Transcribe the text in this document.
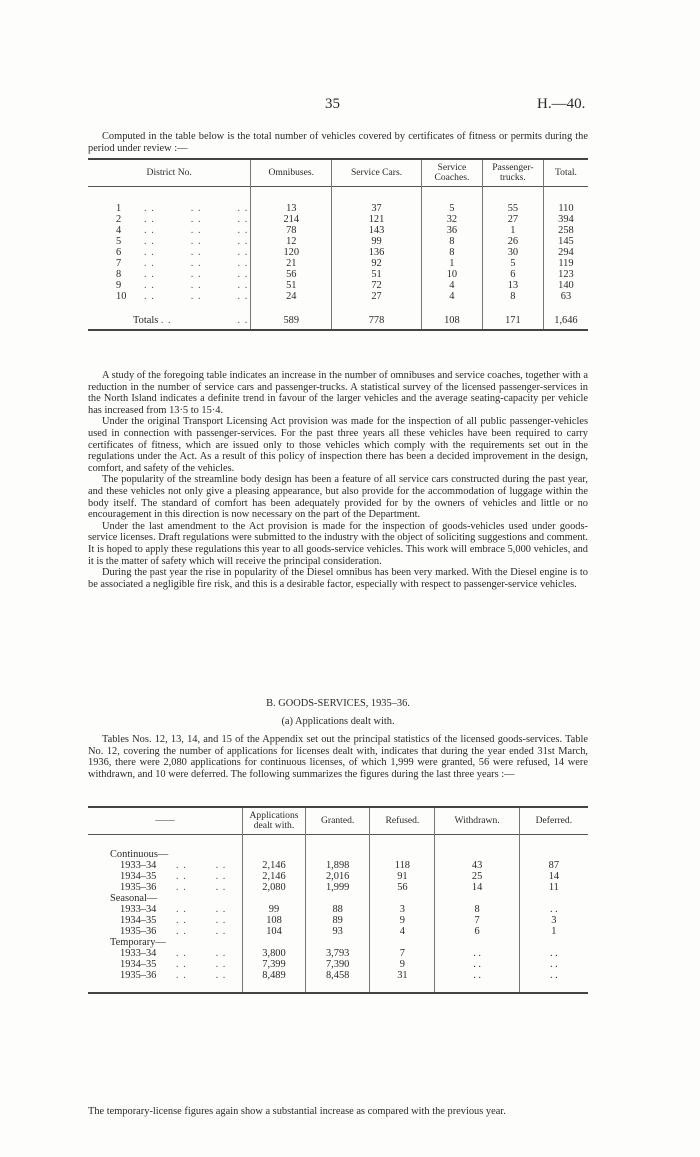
35	H.—40.

Computed in the table below is the total number of vehicles covered by certificates of fitness or permits during the period under review :—

District No.	Omnibuses.	Service Cars.	Service Coaches.	Passenger-trucks.	Total.

1 . .          . .          . .	13	37	5	55	110
2 . .          . .          . .	214	121	32	27	394
4 . .          . .          . .	78	143	36	1	258
5 . .          . .          . .	12	99	8	26	145
6 . .          . .          . .	120	136	8	30	294
7 . .          . .          . .	21	92	1	5	119
8 . .          . .          . .	56	51	10	6	123
9 . .          . .          . .	51	72	4	13	140
10 . .          . .          . .	24	27	4	8	63

Totals . . . .	589	778	108	171	1,646

A study of the foregoing table indicates an increase in the number of omnibuses and service coaches, together with a reduction in the number of service cars and passenger-trucks. A statistical survey of the licensed passenger-services in the North Island indicates a definite trend in favour of the larger vehicles and the average seating-capacity per vehicle has increased from 13·5 to 15·4.

Under the original Transport Licensing Act provision was made for the inspection of all public passenger-vehicles used in connection with passenger-services. For the past three years all these vehicles have been required to carry certificates of fitness, which are issued only to those vehicles which comply with the requirements set out in the regulations under the Act. As a result of this policy of inspection there has been a decided improvement in the design, comfort, and safety of the vehicles.

The popularity of the streamline body design has been a feature of all service cars constructed during the past year, and these vehicles not only give a pleasing appearance, but also provide for the accommodation of luggage within the body itself. The standard of comfort has been adequately provided for by the owners of vehicles and little or no encouragement in this direction is now necessary on the part of the Department.

Under the last amendment to the Act provision is made for the inspection of goods-vehicles used under goods-service licenses. Draft regulations were submitted to the industry with the object of soliciting suggestions and comment. It is hoped to apply these regulations this year to all goods-service vehicles. This work will embrace 5,000 vehicles, and it is the matter of safety which will receive the principal consideration.

During the past year the rise in popularity of the Diesel omnibus has been very marked. With the Diesel engine is to be associated a negligible fire risk, and this is a desirable factor, especially with respect to passenger-service vehicles.

B. GOODS-SERVICES, 1935–36.
(a) Applications dealt with.

Tables Nos. 12, 13, 14, and 15 of the Appendix set out the principal statistics of the licensed goods-services. Table No. 12, covering the number of applications for licenses dealt with, indicates that during the year ended 31st March, 1936, there were 2,080 applications for continuous licenses, of which 1,999 were granted, 56 were refused, 14 were withdrawn, and 10 were deferred. The following summarizes the figures during the last three years :—

——	Applications dealt with.	Granted.	Refused.	Withdrawn.	Deferred.

Continuous—					
1933–34 . .        . .	2,146	1,898	118	43	87
1934–35 . .        . .	2,146	2,016	91	25	14
1935–36 . .        . .	2,080	1,999	56	14	11
Seasonal—					
1933–34 . .        . .	99	88	3	8	. .
1934–35 . .        . .	108	89	9	7	3
1935–36 . .        . .	104	93	4	6	1
Temporary—					
1933–34 . .        . .	3,800	3,793	7	. .	. .
1934–35 . .        . .	7,399	7,390	9	. .	. .
1935–36 . .        . .	8,489	8,458	31	. .	. .

The temporary-license figures again show a substantial increase as compared with the previous year.
